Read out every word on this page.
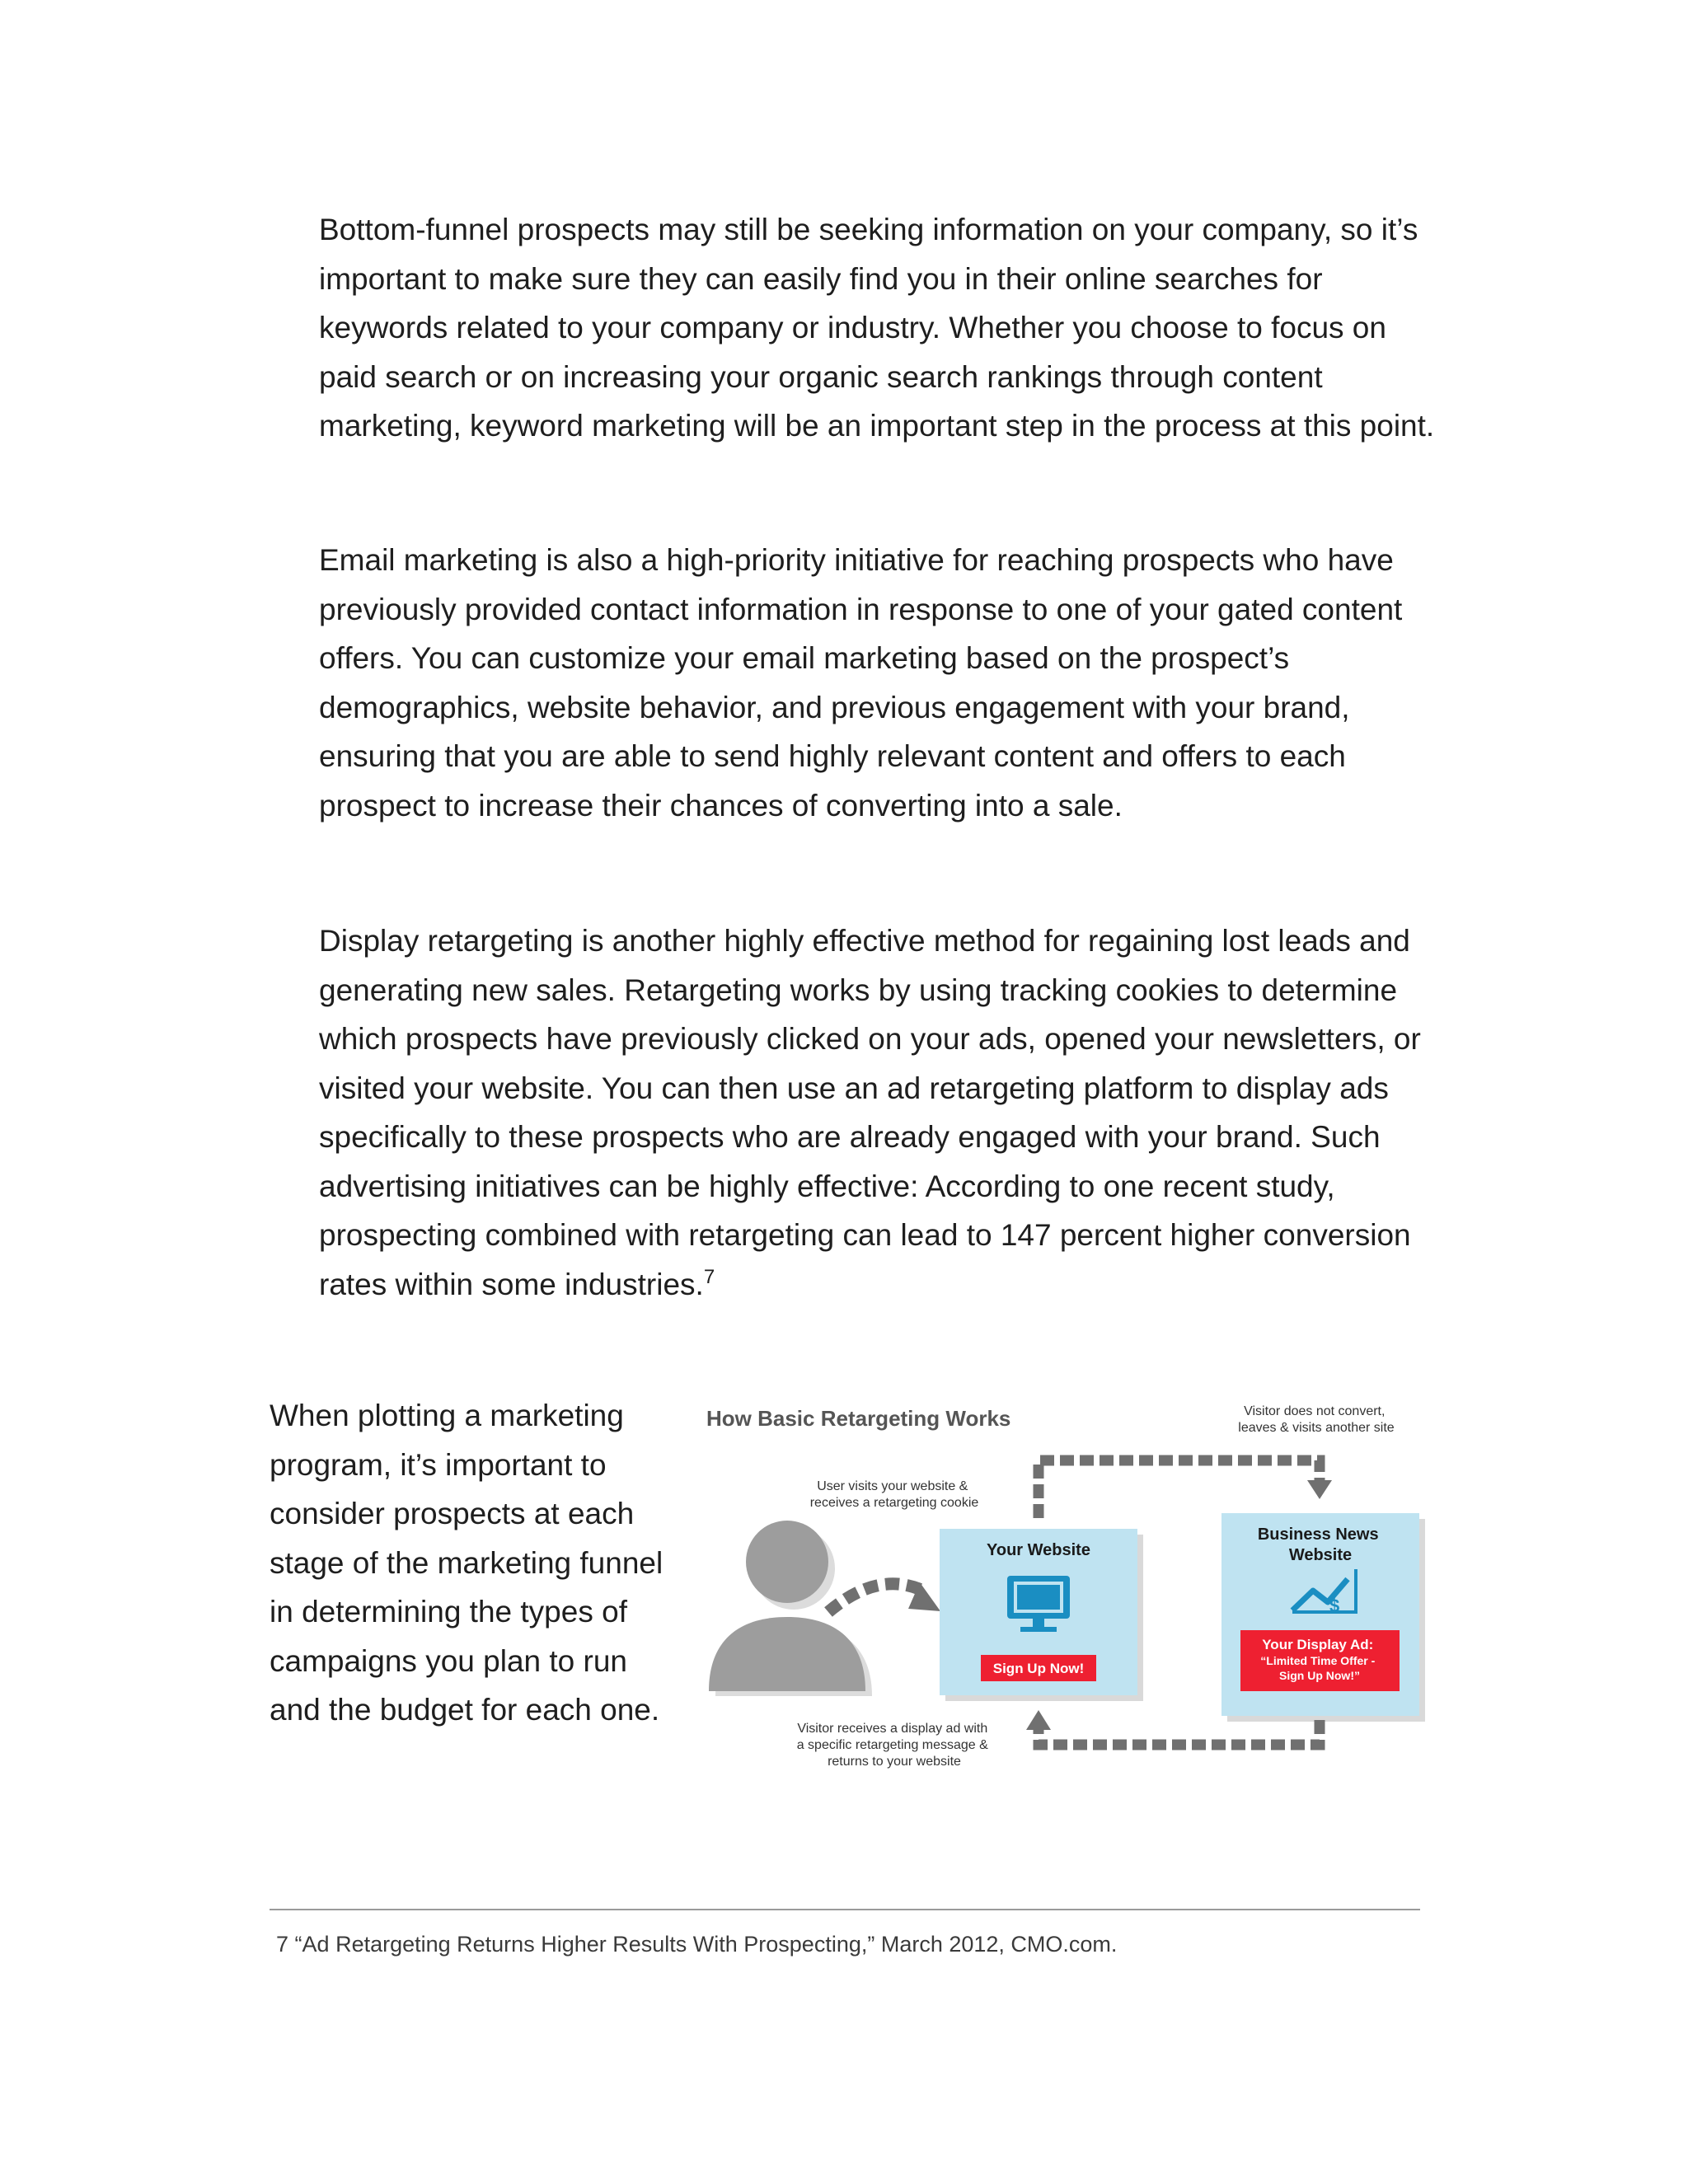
Bottom-funnel prospects may still be seeking information on your company, so it’s important to make sure they can easily find you in their online searches for keywords related to your company or industry. Whether you choose to focus on paid search or on increasing your organic search rankings through content marketing, keyword marketing will be an important step in the process at this point.

Email marketing is also a high-priority initiative for reaching prospects who have previously provided contact information in response to one of your gated content offers. You can customize your email marketing based on the prospect’s demographics, website behavior, and previous engagement with your brand, ensuring that you are able to send highly relevant content and offers to each prospect to increase their chances of converting into a sale.

Display retargeting is another highly effective method for regaining lost leads and generating new sales. Retargeting works by using tracking cookies to determine which prospects have previously clicked on your ads, opened your newsletters, or visited your website. You can then use an ad retargeting platform to display ads specifically to these prospects who are already engaged with your brand. Such advertising initiatives can be highly effective: According to one recent study, prospecting combined with retargeting can lead to 147 percent higher conversion rates within some industries.$^7$

When plotting a marketing program, it’s important to consider prospects at each stage of the marketing funnel in determining the types of campaigns you plan to run and the budget for each one.

How Basic Retargeting Works	Visitor does not convert, leaves & visits another site
User visits your website & receives a retargeting cookie
Your Website
Sign Up Now!
Business News Website
$
Your Display Ad: “Limited Time Offer - Sign Up Now!”
Visitor receives a display ad with a specific retargeting message & returns to your website
7 “Ad Retargeting Returns Higher Results With Prospecting,” March 2012, CMO.com.
